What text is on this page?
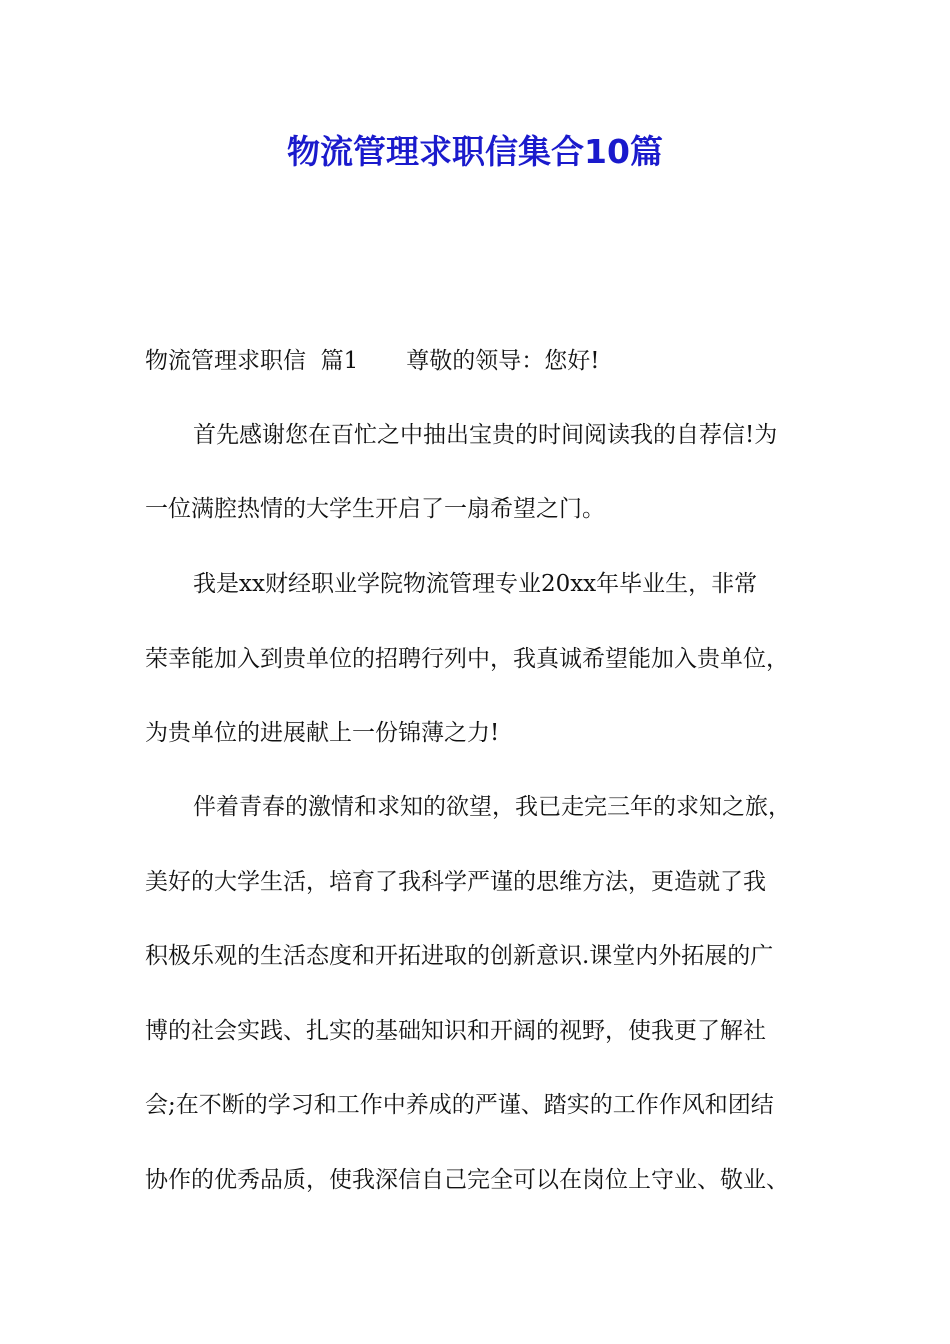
物流管理求职信集合10篇
物流管理求职信  篇1 尊敬的领导：您好!
首先感谢您在百忙之中抽出宝贵的时间阅读我的自荐信!为
一位满腔热情的大学生开启了一扇希望之门。
我是xx财经职业学院物流管理专业20xx年毕业生，非常
荣幸能加入到贵单位的招聘行列中，我真诚希望能加入贵单位，
为贵单位的进展献上一份锦薄之力!
伴着青春的激情和求知的欲望，我已走完三年的求知之旅，
美好的大学生活，培育了我科学严谨的思维方法，更造就了我
积极乐观的生活态度和开拓进取的创新意识.课堂内外拓展的广
博的社会实践、扎实的基础知识和开阔的视野，使我更了解社
会;在不断的学习和工作中养成的严谨、踏实的工作作风和团结
协作的优秀品质，使我深信自己完全可以在岗位上守业、敬业、
